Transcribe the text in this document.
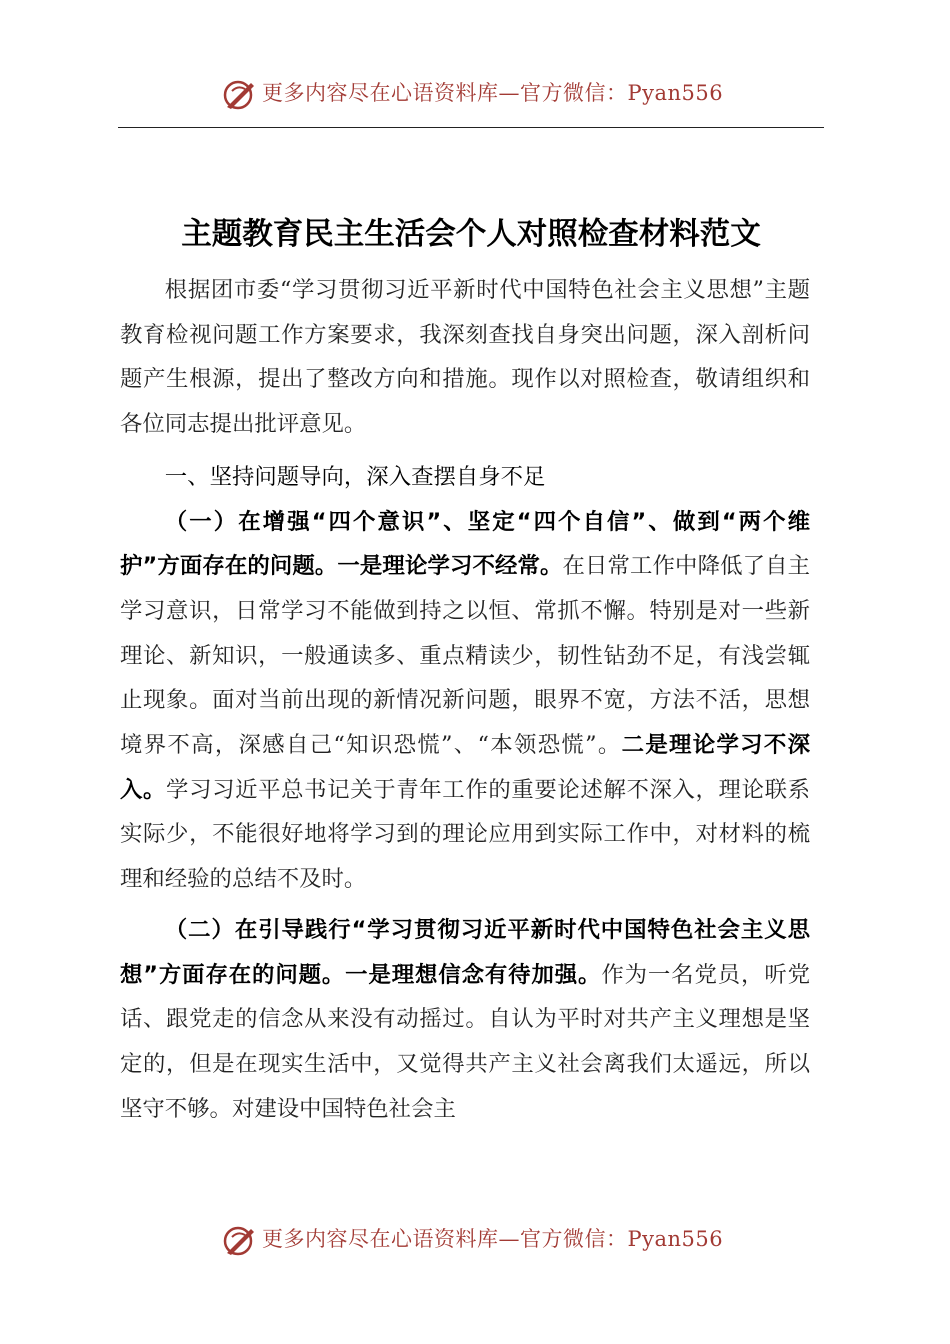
更多内容尽在心语资料库—官方微信：Pyan556
主题教育民主生活会个人对照检查材料范文

根据团市委“学习贯彻习近平新时代中国特色社会主义思想”主题教育检视问题工作方案要求，我深刻查找自身突出问题，深入剖析问题产生根源，提出了整改方向和措施。现作以对照检查，敬请组织和各位同志提出批评意见。

一、坚持问题导向，深入查摆自身不足

（一）在增强“四个意识”、坚定“四个自信”、做到“两个维护”方面存在的问题。一是理论学习不经常。在日常工作中降低了自主学习意识，日常学习不能做到持之以恒、常抓不懈。特别是对一些新理论、新知识，一般通读多、重点精读少，韧性钻劲不足，有浅尝辄止现象。面对当前出现的新情况新问题，眼界不宽，方法不活，思想境界不高，深感自己“知识恐慌”、“本领恐慌”。二是理论学习不深入。学习习近平总书记关于青年工作的重要论述解不深入，理论联系实际少，不能很好地将学习到的理论应用到实际工作中，对材料的梳理和经验的总结不及时。

（二）在引导践行“学习贯彻习近平新时代中国特色社会主义思想”方面存在的问题。一是理想信念有待加强。作为一名党员，听党话、跟党走的信念从来没有动摇过。自认为平时对共产主义理想是坚定的，但是在现实生活中，又觉得共产主义社会离我们太遥远，所以坚守不够。对建设中国特色社会主

更多内容尽在心语资料库—官方微信：Pyan556
